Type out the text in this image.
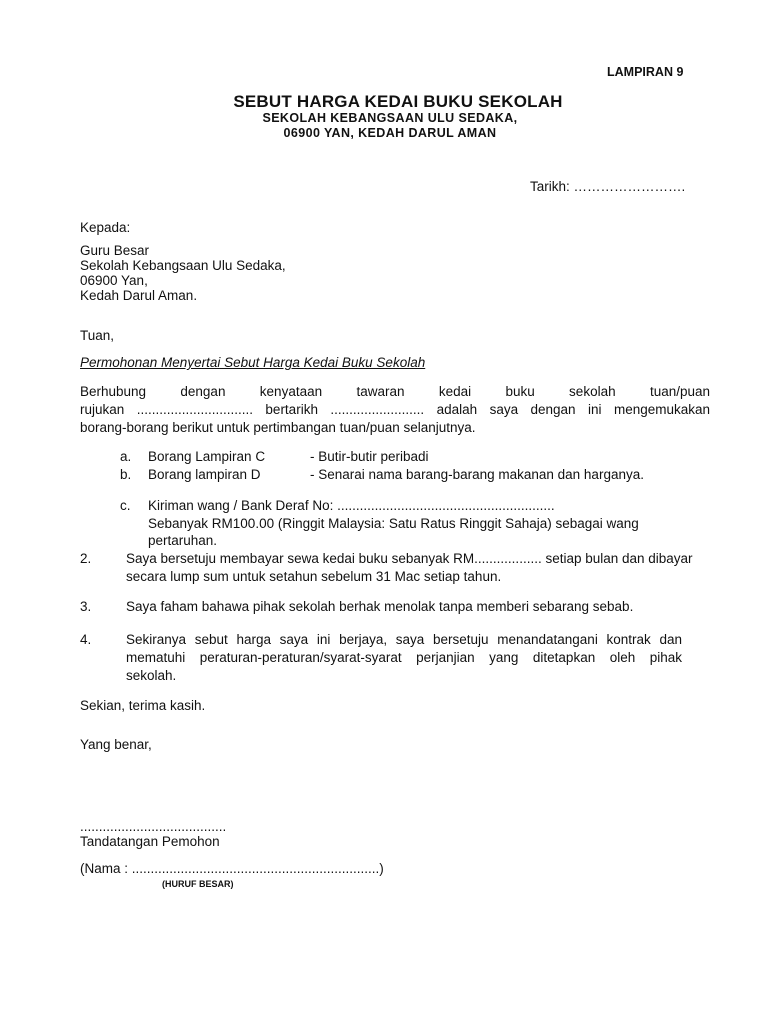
LAMPIRAN 9
SEBUT HARGA KEDAI BUKU SEKOLAH
SEKOLAH KEBANGSAAN ULU SEDAKA,
06900 YAN, KEDAH DARUL AMAN
Tarikh: …………………….
Kepada:
Guru Besar
Sekolah Kebangsaan Ulu Sedaka,
06900 Yan,
Kedah Darul Aman.
Tuan,
Permohonan Menyertai Sebut Harga Kedai Buku Sekolah
Berhubung dengan kenyataan tawaran kedai buku sekolah tuan/puan
rujukan ............................... bertarikh ......................... adalah saya dengan ini mengemukakan
borang-borang berikut untuk pertimbangan tuan/puan selanjutnya.
a. Borang Lampiran C	- Butir-butir peribadi
b. Borang lampiran D	- Senarai nama barang-barang makanan dan harganya.
c. Kiriman wang / Bank Deraf No: ..........................................................
Sebanyak RM100.00 (Ringgit Malaysia: Satu Ratus Ringgit Sahaja) sebagai wang
pertaruhan.
2.	Saya bersetuju membayar sewa kedai buku sebanyak RM.................. setiap bulan dan dibayar
secara lump sum untuk setahun sebelum 31 Mac setiap tahun.
3.	Saya faham bahawa pihak sekolah berhak menolak tanpa memberi sebarang sebab.
4.	Sekiranya sebut harga saya ini berjaya, saya bersetuju menandatangani kontrak dan
mematuhi peraturan-peraturan/syarat-syarat perjanjian yang ditetapkan oleh pihak
sekolah.
Sekian, terima kasih.
Yang benar,
.......................................
Tandatangan Pemohon
(Nama : ..................................................................)
(HURUF BESAR)
